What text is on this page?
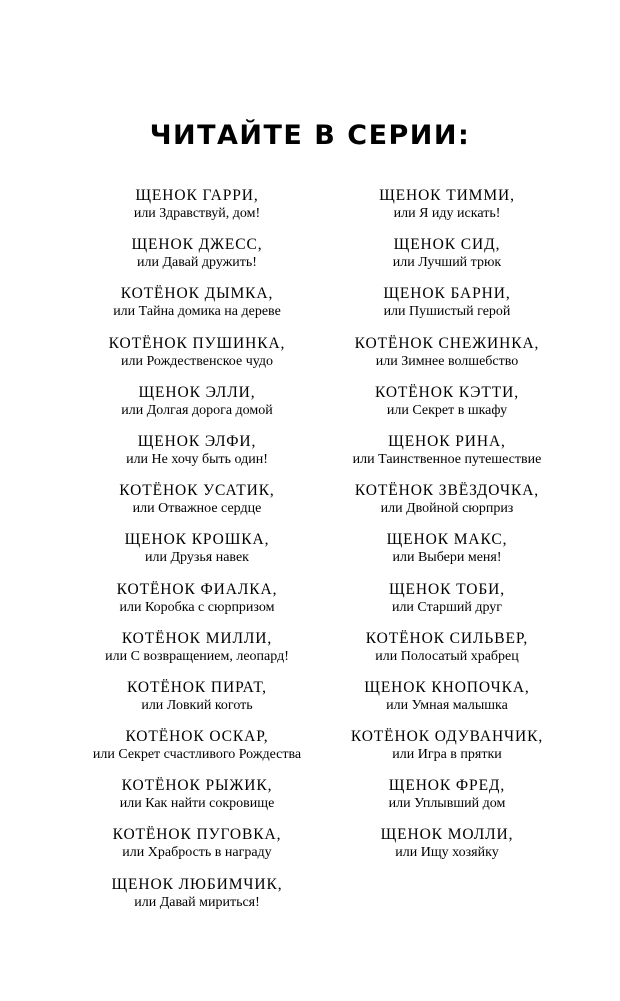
ЧИТАЙТЕ В СЕРИИ:
ЩЕНОК ГАРРИ,
или Здравствуй, дом!
ЩЕНОК ДЖЕСС,
или Давай дружить!
КОТЁНОК ДЫМКА,
или Тайна домика на дереве
КОТЁНОК ПУШИНКА,
или Рождественское чудо
ЩЕНОК ЭЛЛИ,
или Долгая дорога домой
ЩЕНОК ЭЛФИ,
или Не хочу быть один!
КОТЁНОК УСАТИК,
или Отважное сердце
ЩЕНОК КРОШКА,
или Друзья навек
КОТЁНОК ФИАЛКА,
или Коробка с сюрпризом
КОТЁНОК МИЛЛИ,
или С возвращением, леопард!
КОТЁНОК ПИРАТ,
или Ловкий коготь
КОТЁНОК ОСКАР,
или Секрет счастливого Рождества
КОТЁНОК РЫЖИК,
или Как найти сокровище
КОТЁНОК ПУГОВКА,
или Храбрость в награду
ЩЕНОК ЛЮБИМЧИК,
или Давай мириться!
ЩЕНОК ТИММИ,
или Я иду искать!
ЩЕНОК СИД,
или Лучший трюк
ЩЕНОК БАРНИ,
или Пушистый герой
КОТЁНОК СНЕЖИНКА,
или Зимнее волшебство
КОТЁНОК КЭТТИ,
или Секрет в шкафу
ЩЕНОК РИНА,
или Таинственное путешествие
КОТЁНОК ЗВЁЗДОЧКА,
или Двойной сюрприз
ЩЕНОК МАКС,
или Выбери меня!
ЩЕНОК ТОБИ,
или Старший друг
КОТЁНОК СИЛЬВЕР,
или Полосатый храбрец
ЩЕНОК КНОПОЧКА,
или Умная малышка
КОТЁНОК ОДУВАНЧИК,
или Игра в прятки
ЩЕНОК ФРЕД,
или Уплывший дом
ЩЕНОК МОЛЛИ,
или Ищу хозяйку
